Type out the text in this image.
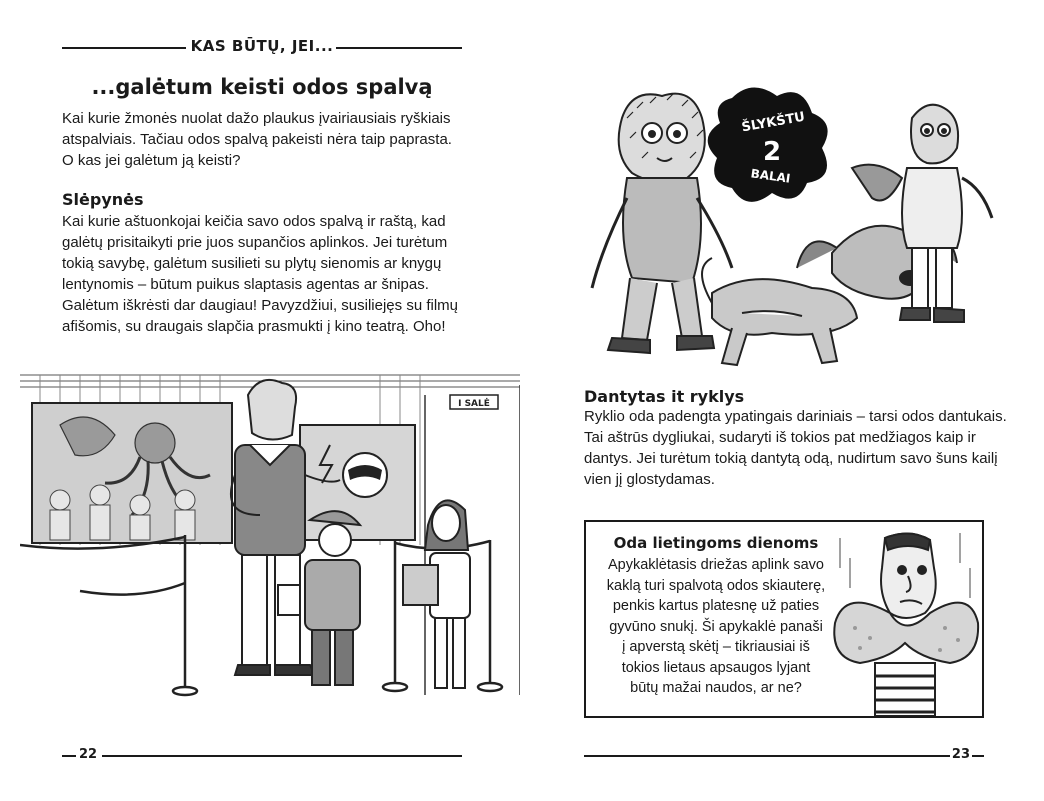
KAS BŪTŲ, JEI...
...galėtum keisti odos spalvą

Kai kurie žmonės nuolat dažo plaukus įvairiausiais ryškiais
atspalviais. Tačiau odos spalvą pakeisti nėra taip paprasta.
O kas jei galėtum ją keisti?

Slėpynės

Kai kurie aštuonkojai keičia savo odos spalvą ir raštą, kad
galėtų prisitaikyti prie juos supančios aplinkos. Jei turėtum
tokią savybę, galėtum susilieti su plytų sienomis ar knygų
lentynomis – būtum puikus slaptasis agentas ar šnipas.
Galėtum iškrėsti dar daugiau! Pavyzdžiui, susiliejęs su filmų
afišomis, su draugais slapčia prasmukti į kino teatrą. Oho!

I SALĖ
22
ŠLYKŠTU
2
BALAI
Dantytas it ryklys

Ryklio oda padengta ypatingais dariniais – tarsi odos dantukais.
Tai aštrūs dygliukai, sudaryti iš tokios pat medžiagos kaip ir
dantys. Jei turėtum tokią dantytą odą, nudirtum savo šuns kailį
vien jį glostydamas.

Oda lietingoms dienoms

Apykaklėtasis driežas aplink savo
kaklą turi spalvotą odos skiauterę,
penkis kartus platesnę už paties
gyvūno snukį. Ši apykaklė panaši
į apverstą skėtį – tikriausiai iš
tokios lietaus apsaugos lyjant
būtų mažai naudos, ar ne?

23
